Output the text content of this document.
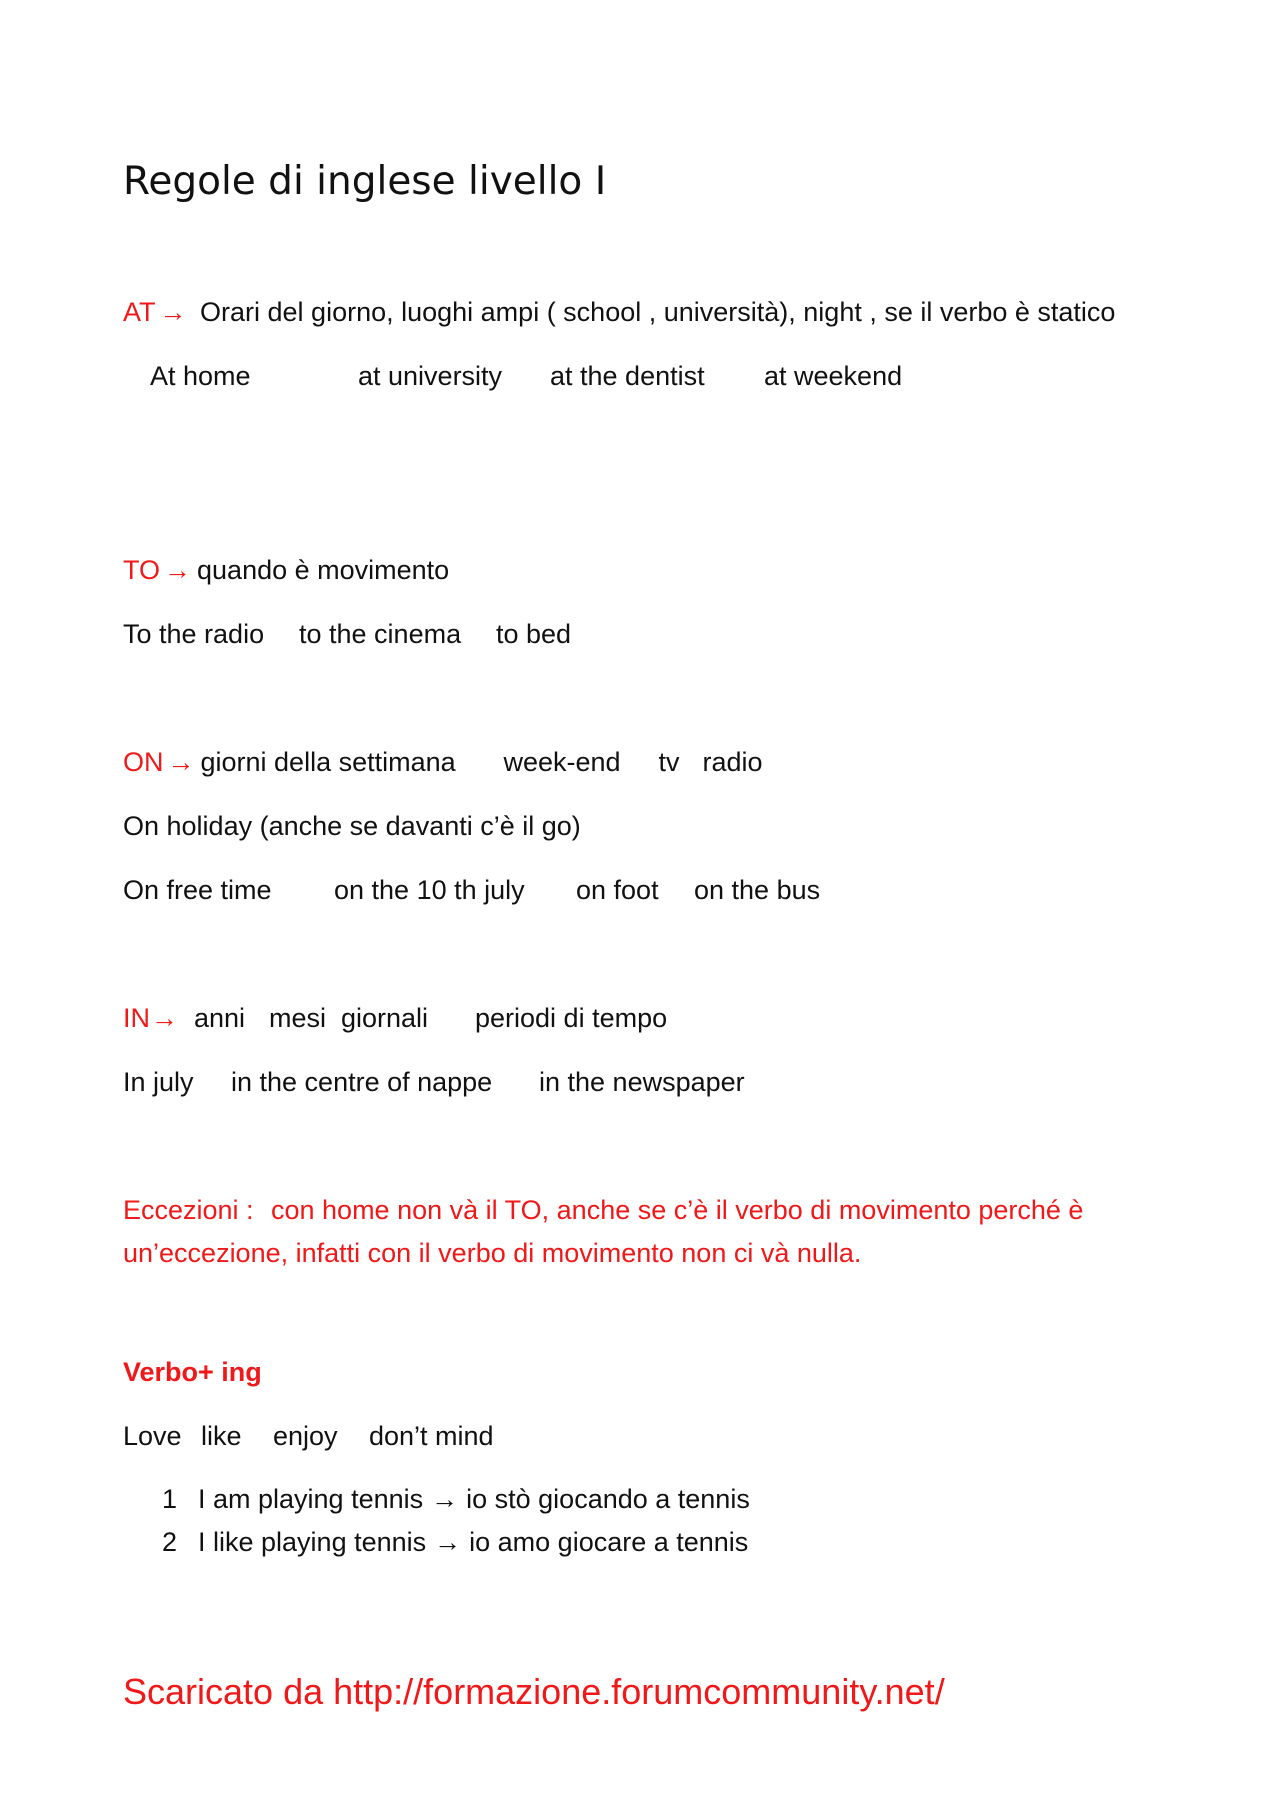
Regole di inglese livello I
AT → Orari del giorno, luoghi ampi ( school , università), night , se il verbo è statico
At home	at university at the dentist at weekend
TO → quando è movimento
To the radio to the cinema to bed
ON → giorni della settimana week-end tv radio
On holiday (anche se davanti c’è il go)
On free time on the 10 th july on foot on the bus
IN→ anni mesi giornali periodi di tempo
In july in the centre of nappe in the newspaper
Eccezioni : con home non và il TO, anche se c’è il verbo di movimento perché è
un’eccezione, infatti con il verbo di movimento non ci và nulla.
Verbo+ ing
Love like enjoy don’t mind
1 I am playing tennis → io stò giocando a tennis
2 I like playing tennis → io amo giocare a tennis
Scaricato da http://formazione.forumcommunity.net/
